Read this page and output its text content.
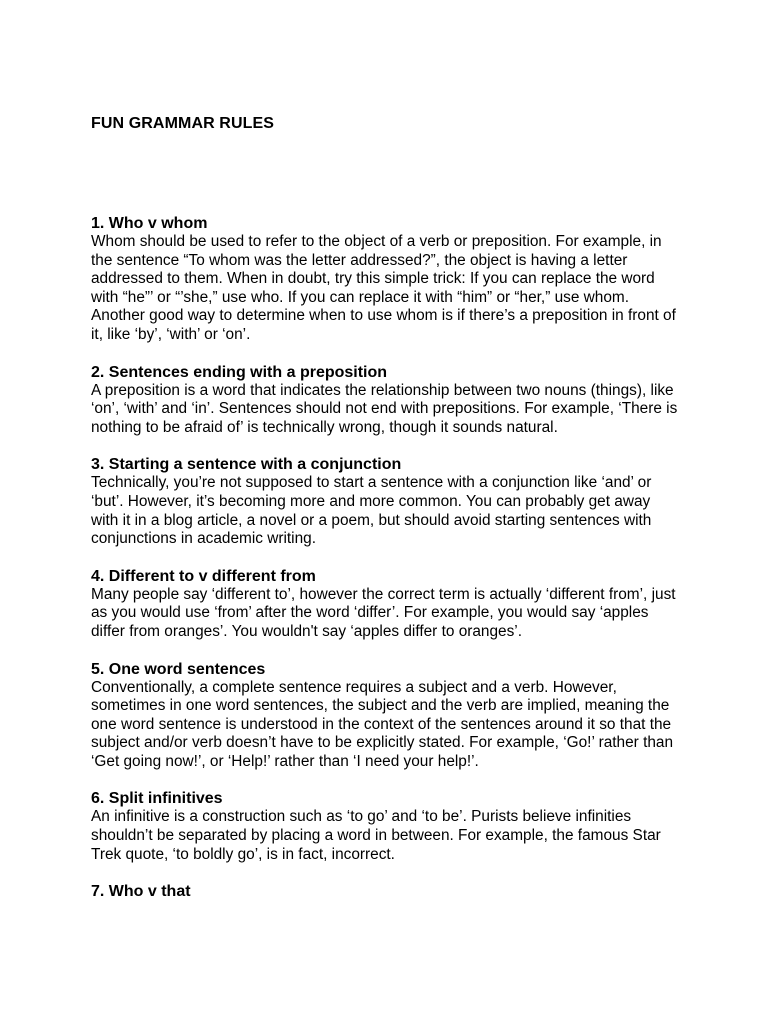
FUN GRAMMAR RULES
1. Who v whom

Whom should be used to refer to the object of a verb or preposition. For example, in the sentence “To whom was the letter addressed?”, the object is having a letter addressed to them. When in doubt, try this simple trick: If you can replace the word with “he”’ or “’she,” use who. If you can replace it with “him” or “her,” use whom. Another good way to determine when to use whom is if there’s a preposition in front of it, like ‘by’, ‘with’ or ‘on’.

2. Sentences ending with a preposition

A preposition is a word that indicates the relationship between two nouns (things), like ‘on’, ‘with’ and ‘in’. Sentences should not end with prepositions. For example, ‘There is nothing to be afraid of’ is technically wrong, though it sounds natural.

3. Starting a sentence with a conjunction

Technically, you’re not supposed to start a sentence with a conjunction like ‘and’ or ‘but’. However, it’s becoming more and more common. You can probably get away with it in a blog article, a novel or a poem, but should avoid starting sentences with conjunctions in academic writing.

4. Different to v different from

Many people say ‘different to’, however the correct term is actually ‘different from’, just as you would use ‘from’ after the word ‘differ’. For example, you would say ‘apples differ from oranges’. You wouldn't say ‘apples differ to oranges’.

5. One word sentences

Conventionally, a complete sentence requires a subject and a verb. However, sometimes in one word sentences, the subject and the verb are implied, meaning the one word sentence is understood in the context of the sentences around it so that the subject and/or verb doesn’t have to be explicitly stated. For example, ‘Go!’ rather than ‘Get going now!’, or ‘Help!’ rather than ‘I need your help!’.

6. Split infinitives

An infinitive is a construction such as ‘to go’ and ‘to be’. Purists believe infinities shouldn’t be separated by placing a word in between. For example, the famous Star Trek quote, ‘to boldly go’, is in fact, incorrect.

7. Who v that
